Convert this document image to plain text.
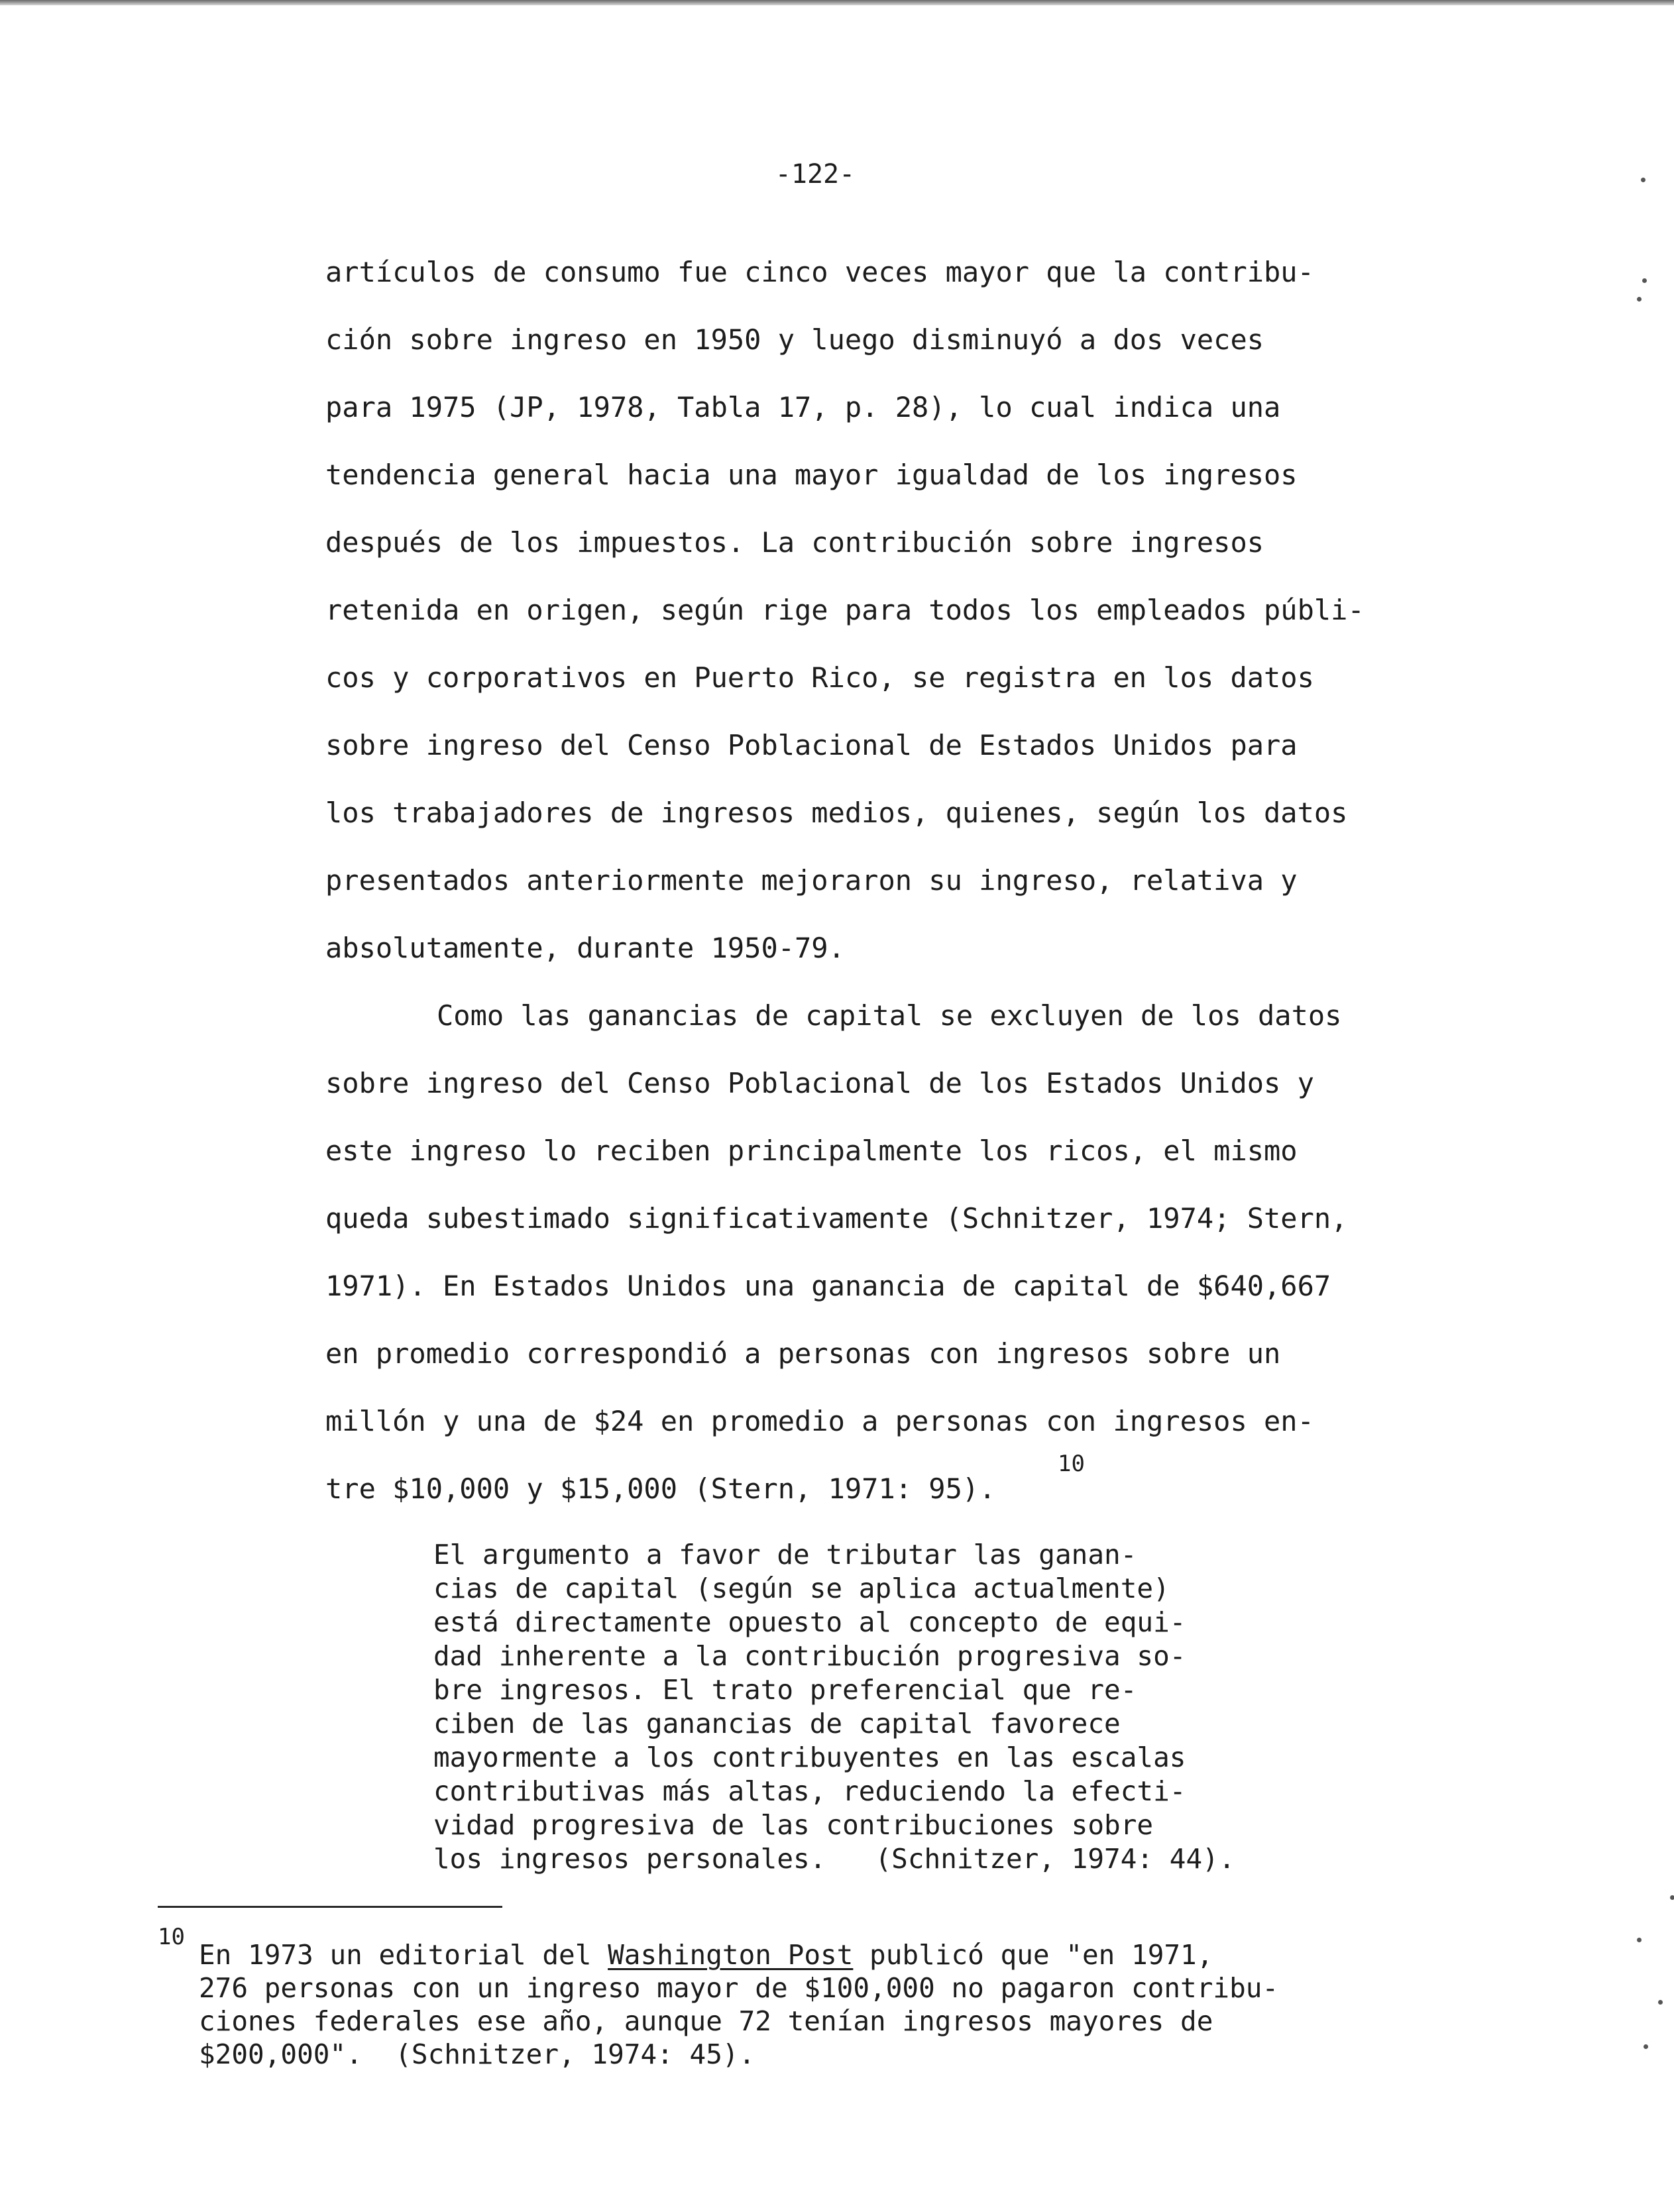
-122-
artículos de consumo fue cinco veces mayor que la contribu-
ción sobre ingreso en 1950 y luego disminuyó a dos veces
para 1975 (JP, 1978, Tabla 17, p. 28), lo cual indica una
tendencia general hacia una mayor igualdad de los ingresos
después de los impuestos. La contribución sobre ingresos
retenida en origen, según rige para todos los empleados públi-
cos y corporativos en Puerto Rico, se registra en los datos
sobre ingreso del Censo Poblacional de Estados Unidos para
los trabajadores de ingresos medios, quienes, según los datos
presentados anteriormente mejoraron su ingreso, relativa y
absolutamente, durante 1950-79.
Como las ganancias de capital se excluyen de los datos
sobre ingreso del Censo Poblacional de los Estados Unidos y
este ingreso lo reciben principalmente los ricos, el mismo
queda subestimado significativamente (Schnitzer, 1974; Stern,
1971). En Estados Unidos una ganancia de capital de $640,667
en promedio correspondió a personas con ingresos sobre un
millón y una de $24 en promedio a personas con ingresos en-
tre $10,000 y $15,000 (Stern, 1971: 95).
10
El argumento a favor de tributar las ganan-
cias de capital (según se aplica actualmente)
está directamente opuesto al concepto de equi-
dad inherente a la contribución progresiva so-
bre ingresos. El trato preferencial que re-
ciben de las ganancias de capital favorece
mayormente a los contribuyentes en las escalas
contributivas más altas, reduciendo la efecti-
vidad progresiva de las contribuciones sobre
los ingresos personales.   (Schnitzer, 1974: 44).
10
En 1973 un editorial del Washington Post publicó que "en 1971,
276 personas con un ingreso mayor de $100,000 no pagaron contribu-
ciones federales ese año, aunque 72 tenían ingresos mayores de
$200,000".  (Schnitzer, 1974: 45).
